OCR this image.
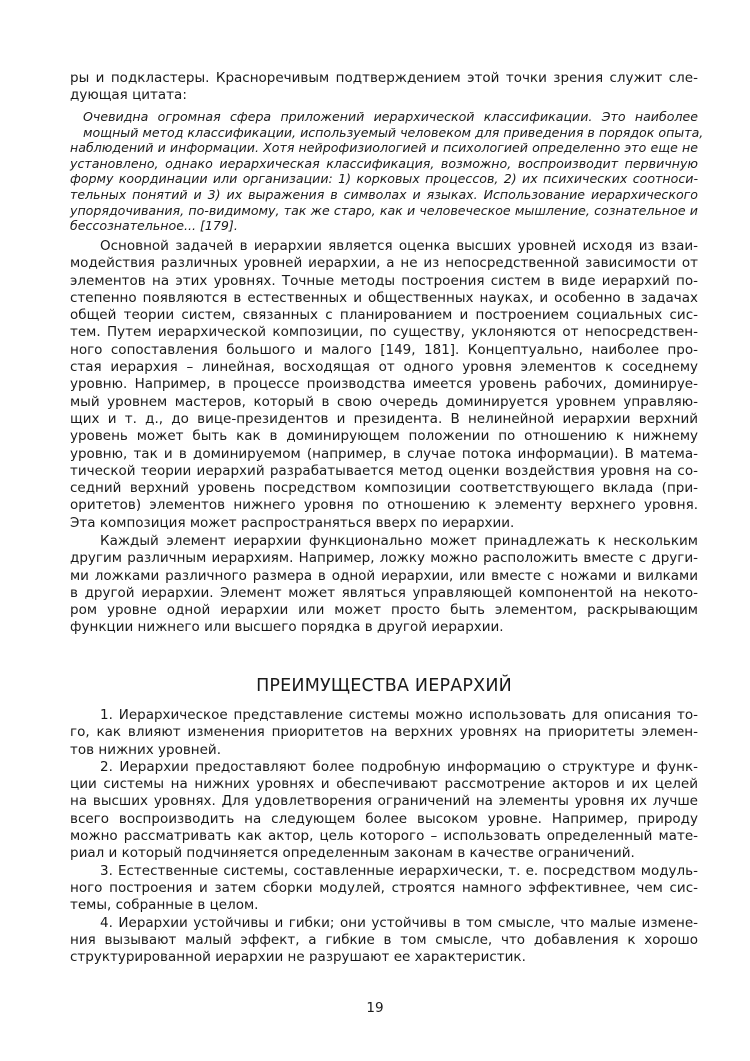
ры и подкластеры. Красноречивым подтверждением этой точки зрения служит сле-
дующая цитата:
Очевидна огромная сфера приложений иерархической классификации. Это наиболее
мощный метод классификации, используемый человеком для приведения в порядок опыта,
наблюдений и информации. Хотя нейрофизиологией и психологией определенно это еще не
установлено, однако иерархическая классификация, возможно, воспроизводит первичную
форму координации или организации: 1) корковых процессов, 2) их психических соотноси-
тельных понятий и 3) их выражения в символах и языках. Использование иерархического
упорядочивания, по-видимому, так же старо, как и человеческое мышление, сознательное и
бессознательное... [179].
Основной задачей в иерархии является оценка высших уровней исходя из взаи-
модействия различных уровней иерархии, а не из непосредственной зависимости от
элементов на этих уровнях. Точные методы построения систем в виде иерархий по-
степенно появляются в естественных и общественных науках, и особенно в задачах
общей теории систем, связанных с планированием и построением социальных сис-
тем. Путем иерархической композиции, по существу, уклоняются от непосредствен-
ного сопоставления большого и малого [149, 181]. Концептуально, наиболее про-
стая иерархия – линейная, восходящая от одного уровня элементов к соседнему
уровню. Например, в процессе производства имеется уровень рабочих, доминируе-
мый уровнем мастеров, который в свою очередь доминируется уровнем управляю-
щих и т. д., до вице-президентов и президента. В нелинейной иерархии верхний
уровень может быть как в доминирующем положении по отношению к нижнему
уровню, так и в доминируемом (например, в случае потока информации). В матема-
тической теории иерархий разрабатывается метод оценки воздействия уровня на со-
седний верхний уровень посредством композиции соответствующего вклада (при-
оритетов) элементов нижнего уровня по отношению к элементу верхнего уровня.
Эта композиция может распространяться вверх по иерархии.
Каждый элемент иерархии функционально может принадлежать к нескольким
другим различным иерархиям. Например, ложку можно расположить вместе с други-
ми ложками различного размера в одной иерархии, или вместе с ножами и вилками
в другой иерархии. Элемент может являться управляющей компонентой на некото-
ром уровне одной иерархии или может просто быть элементом, раскрывающим
функции нижнего или высшего порядка в другой иерархии.
ПРЕИМУЩЕСТВА ИЕРАРХИЙ
1. Иерархическое представление системы можно использовать для описания то-
го, как влияют изменения приоритетов на верхних уровнях на приоритеты элемен-
тов нижних уровней.
2. Иерархии предоставляют более подробную информацию о структуре и функ-
ции системы на нижних уровнях и обеспечивают рассмотрение акторов и их целей
на высших уровнях. Для удовлетворения ограничений на элементы уровня их лучше
всего воспроизводить на следующем более высоком уровне. Например, природу
можно рассматривать как актор, цель которого – использовать определенный мате-
риал и который подчиняется определенным законам в качестве ограничений.
3. Естественные системы, составленные иерархически, т. е. посредством модуль-
ного построения и затем сборки модулей, строятся намного эффективнее, чем сис-
темы, собранные в целом.
4. Иерархии устойчивы и гибки; они устойчивы в том смысле, что малые измене-
ния вызывают малый эффект, а гибкие в том смысле, что добавления к хорошо
структурированной иерархии не разрушают ее характеристик.
19
